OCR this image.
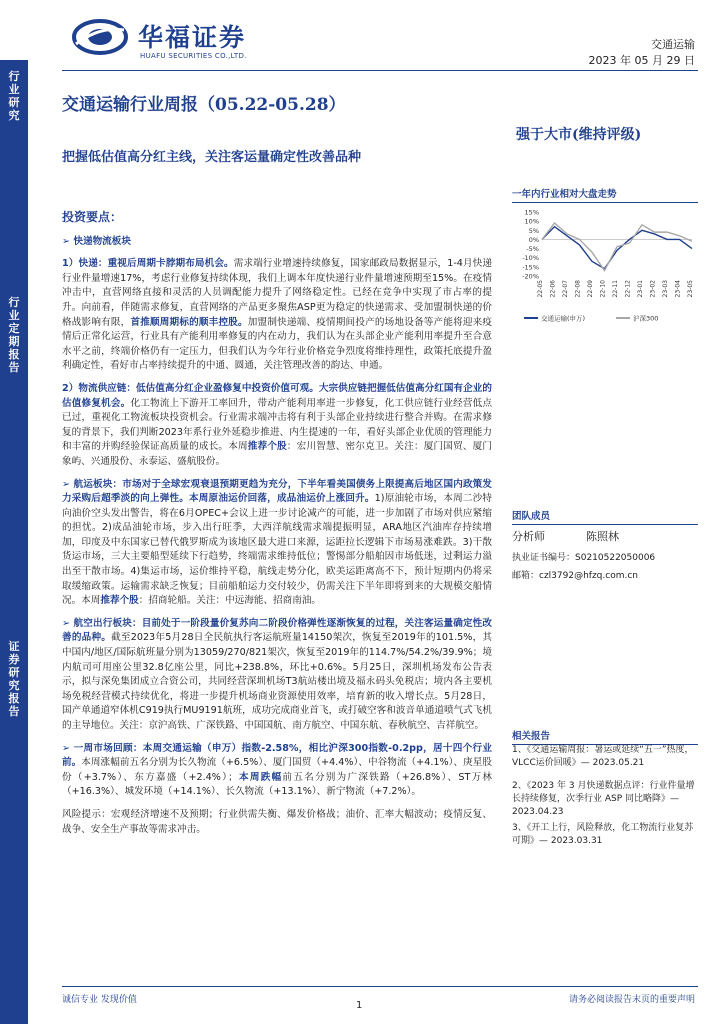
行业研究
行业定期报告
证券研究报告
华福证券
HUAFU SECURITIES CO.,LTD.
交通运输
2023 年 05 月 29 日
交通运输行业周报（05.22-05.28）
把握低估值高分红主线，关注客运量确定性改善品种
强于大市(维持评级)
投资要点：
➢ 快递物流板块

1）快递：重视后周期卡脖期布局机会。需求端行业增速持续修复，国家邮政局数据显示，1-4月快递行业件量增速17%，考虑行业修复持续体现，我们上调本年度快递行业件量增速预期至15%。在疫情冲击中，直营网络直接和灵活的人员调配能力提升了网络稳定性。已经在竞争中实现了市占率的提升。向前看，伴随需求修复，直营网络的产品更多聚焦ASP更为稳定的快递需求、受加盟制快递的价格战影响有限，首推顺周期标的顺丰控股。加盟制快递端、疫情期间投产的场地设备等产能将迎来疫情后正常化运营，行业具有产能利用率修复的内在动力，我们认为在头部企业产能利用率提升至合意水平之前，终端价格仍有一定压力，但我们认为今年行业价格竞争烈度将维持理性，政策托底提升盈利确定性，看好市占率持续提升的中通、圆通，关注管理改善的韵达、申通。

2）物流供应链：低估值高分红企业盈修复中投资价值可观。大宗供应链把握低估值高分红国有企业的估值修复机会。化工物流上下游开工率回升，带动产能利用率进一步修复，化工供应链行业经营低点已过，重视化工物流板块投资机会。行业需求端冲击将有利于头部企业持续进行整合并购。在需求修复的背景下，我们判断2023年系行业外延稳步推进、内生提速的一年，看好头部企业优质的管理能力和丰富的并购经验保证高质量的成长。本周推荐个股：宏川智慧、密尔克卫。关注：厦门国贸、厦门象屿、兴通股份、永泰运、盛航股份。

➢ 航运板块：市场对于全球宏观衰退预期更趋为充分，下半年看美国债务上限提高后地区国内政策发力采购后超季淡的向上弹性。本周原油运价回落，成品油运价上涨回升。1)原油轮市场，本周二沙特向油价空头发出警告，将在6月OPEC+会议上进一步讨论减产的可能，进一步加剧了市场对供应紧缩的担忧。2)成品油轮市场，步入出行旺季，大西洋航线需求端提振明显，ARA地区汽油库存持续增加，印度及中东国家已替代俄罗斯成为该地区最大进口来源，运距拉长逻辑下市场易涨难跌。3)干散货运市场，三大主要船型延续下行趋势，终端需求维持低位；警惕部分船舶因市场低迷，过剩运力溢出至干散市场。4)集运市场，运价维持平稳，航线走势分化，欧美运距离高不下，预计短期内仍将采取缓缩政策。运输需求缺乏恢复；目前船舶运力交付较少，仍需关注下半年即将到来的大规模交船情况。本周推荐个股：招商轮船。关注：中远海能、招商南油。

➢ 航空出行板块：目前处于一阶段量价复苏向二阶段价格弹性逐渐恢复的过程，关注客运量确定性改善的品种。截至2023年5月28日全民航执行客运航班量14150架次，恢复至2019年的101.5%，其中国内/地区/国际航班量分别为13059/270/821架次，恢复至2019年的114.7%/54.2%/39.9%；境内航司可用座公里32.8亿座公里，同比+238.8%，环比+0.6%。5月25日，深圳机场发布公告表示，拟与深免集团成立合资公司，共同经营深圳机场T3航站楼出境及福永码头免税店；境内各主要机场免税经营模式持续优化，将进一步提升机场商业资源使用效率，培育新的收入增长点。5月28日，国产单通道窄体机C919执行MU9191航班，成功完成商业首飞，或打破空客和波音单通道喷气式飞机的主导地位。关注：京沪高铁、广深铁路、中国国航、南方航空、中国东航、春秋航空、吉祥航空。

➢ 一周市场回顾：本周交通运输（申万）指数-2.58%，相比沪深300指数-0.2pp，居十四个行业前。本周涨幅前五名分别为长久物流（+6.5%）、厦门国贸（+4.4%）、中谷物流（+4.1%）、庚星股份（+3.7%）、东方嘉盛（+2.4%）；本周跌幅前五名分别为广深铁路（+26.8%）、ST万林（+16.3%）、城发环境（+14.1%）、长久物流（+13.1%）、新宁物流（+7.2%）。

风险提示：宏观经济增速不及预期；行业供需失衡、爆发价格战；油价、汇率大幅波动；疫情反复、战争、安全生产事故等需求冲击。

一年内行业相对大盘走势
15%
10%
5%
0%
-5%
-10%
-15%
-20%
22-05 22-06 22-07 22-08 22-09 22-10 22-11 22-12 23-01 23-02 23-03 23-04 23-05
交通运输(申万)	沪深300
团队成员
分析师	陈照林
执业证书编号：S0210522050006
邮箱：czl3792@hfzq.com.cn
相关报告
1、《交通运输周报：暑运或延续“五一”热度，VLCC运价回暖》— 2023.05.21
2、《2023 年 3 月快递数据点评：行业件量增长持续修复，次季行业 ASP 同比略降》— 2023.04.23
3、《开工上行，风险释放，化工物流行业复苏可期》— 2023.03.31
诚信专业 发现价值	请务必阅读报告末页的重要声明
1
